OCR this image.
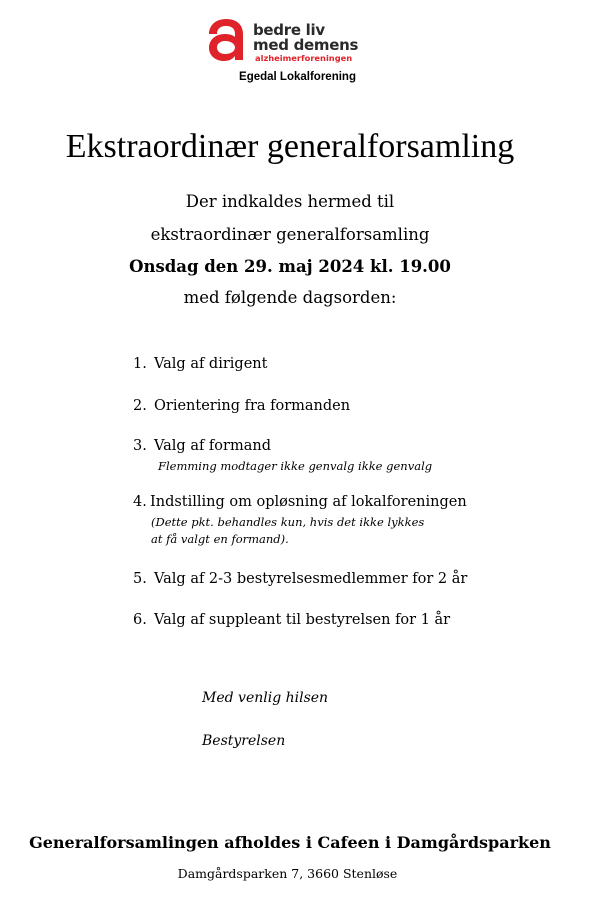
bedre liv
med demens
alzheimerforeningen
Egedal Lokalforening
Ekstraordinær generalforsamling
Der indkaldes hermed til
ekstraordinær generalforsamling
Onsdag den 29. maj 2024 kl. 19.00
med følgende dagsorden:
1. Valg af dirigent
2. Orientering fra formanden
3. Valg af formand
Flemming modtager ikke genvalg ikke genvalg
4. Indstilling om opløsning af lokalforeningen
(Dette pkt. behandles kun, hvis det ikke lykkes
at få valgt en formand).
5. Valg af 2-3 bestyrelsesmedlemmer for 2 år
6. Valg af suppleant til bestyrelsen for 1 år
Med venlig hilsen
Bestyrelsen
Generalforsamlingen afholdes i Cafeen i Damgårdsparken
Damgårdsparken 7, 3660 Stenløse
